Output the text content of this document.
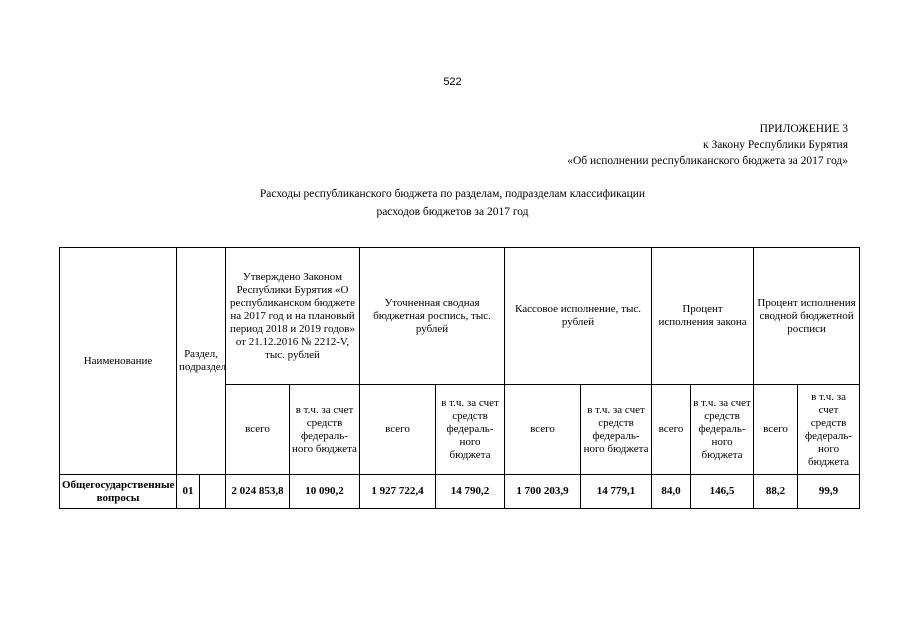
522
ПРИЛОЖЕНИЕ 3
к Закону Республики Бурятия
«Об исполнении республиканского бюджета за 2017 год»
Расходы республиканского бюджета по разделам, подразделам классификации
расходов бюджетов за 2017 год
Наименование	Раздел, подраздел		Утверждено Законом Республики Бурятия «О республиканском бюджете на 2017 год и на плановый период 2018 и 2019 годов» от 21.12.2016 № 2212-V, тыс. рублей		Уточненная сводная бюджетная роспись, тыс. рублей		Кассовое исполнение, тыс. рублей		Процент исполнения закона		Процент исполнения сводной бюджетной росписи	
			всего	в т.ч. за счет средств федераль-ного бюджета	всего	в т.ч. за счет средств федераль-ного бюджета	всего	в т.ч. за счет средств федераль-ного бюджета	всего	в т.ч. за счет средств федераль-ного бюджета	всего	в т.ч. за счет средств федераль-ного бюджета
Общегосударственные вопросы	01		2 024 853,8	10 090,2	1 927 722,4	14 790,2	1 700 203,9	14 779,1	84,0	146,5	88,2	99,9
